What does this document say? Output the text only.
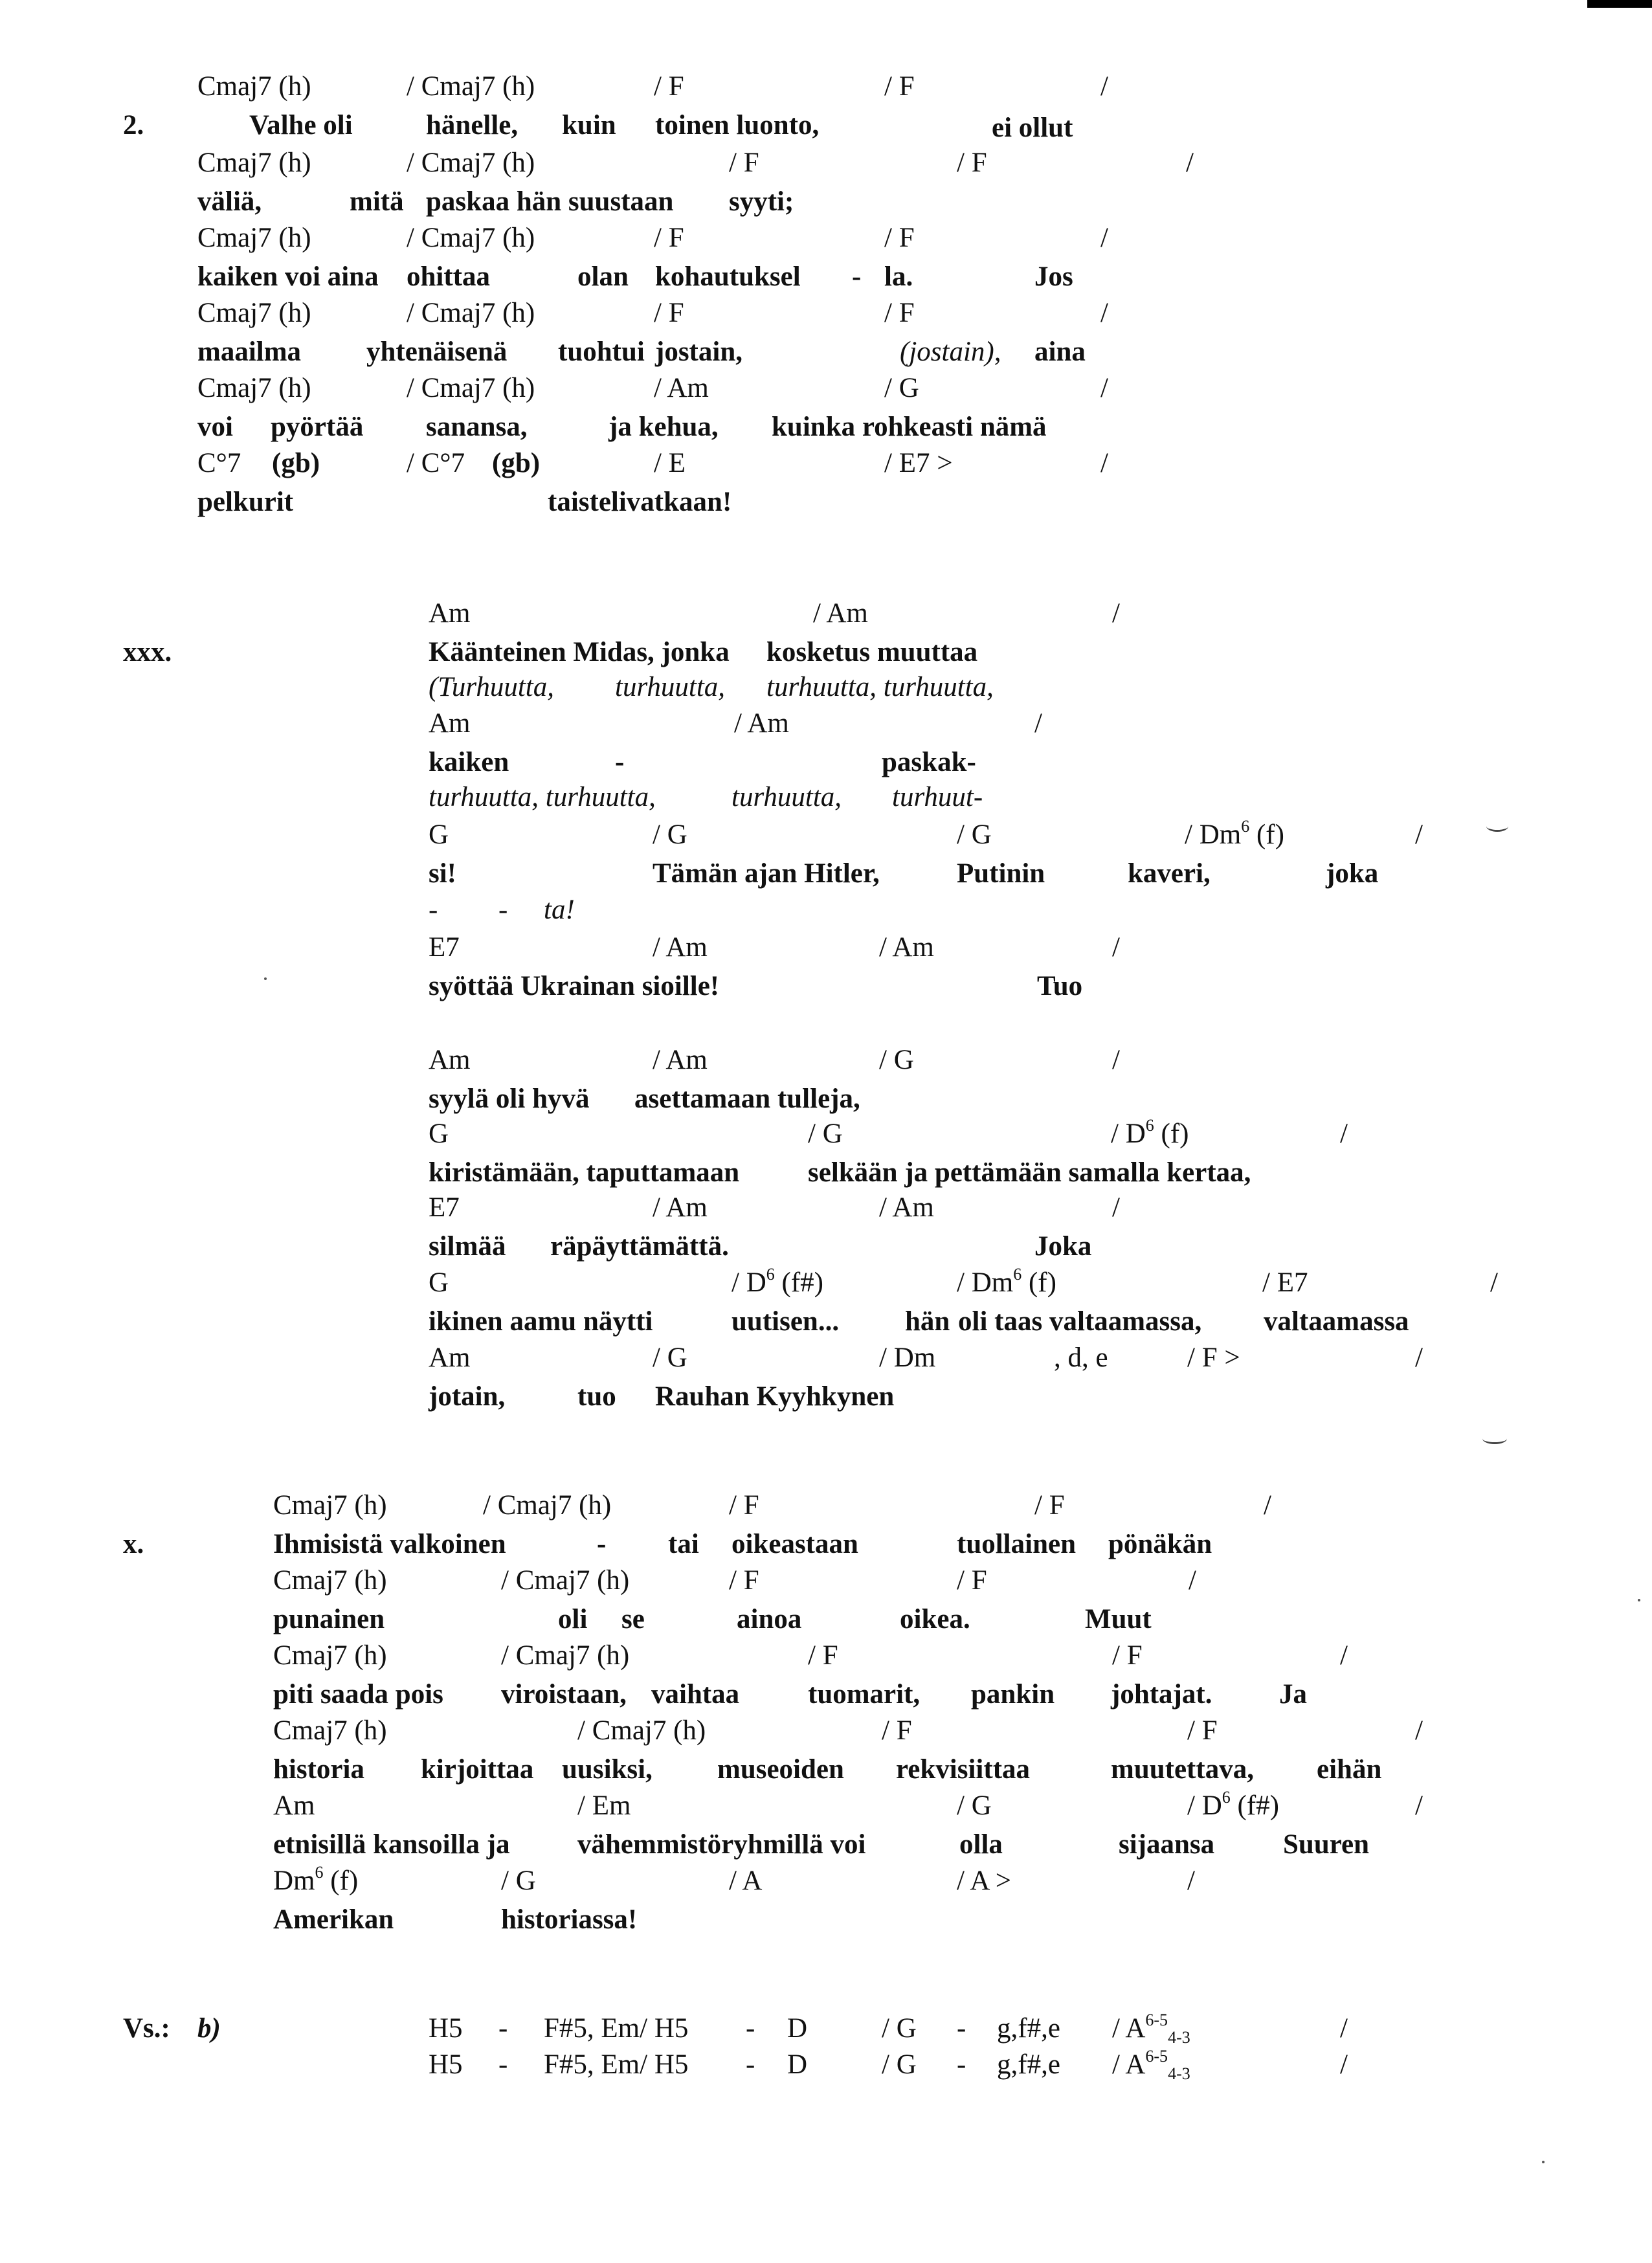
2.
Cmaj7 (h)	/ Cmaj7 (h)	/ F	/ F	/
Valhe oli	hänelle, kuin toinen luonto,	ei ollut
Cmaj7 (h)	/ Cmaj7 (h)	/ F	/ F	/
väliä,	mitä paskaa hän suustaan syyti;
Cmaj7 (h)	/ Cmaj7 (h)	/ F	/ F	/
kaiken voi aina ohittaa	olan kohautuksel - la.	Jos
Cmaj7 (h)	/ Cmaj7 (h)	/ F	/ F	/
maailma yhtenäisenä tuohtui jostain,	(jostain), aina
Cmaj7 (h)	/ Cmaj7 (h)	/ Am	/ G	/
voi pyörtää sanansa,	ja kehua, kuinka rohkeasti nämä
C°7 (gb)	/ C°7 (gb)	/ E	/ E7 >	/
pelkurit	taistelivatkaan!
xxx.
Am	/ Am	/
Käänteinen Midas, jonka kosketus muuttaa
(Turhuutta, turhuutta, turhuutta, turhuutta,
Am	/ Am	/
kaiken	-	paskak-
turhuutta, turhuutta,	turhuutta, turhuut-
G	/ G	/ G	/ Dm$^6$ (f)	/
si!	Tämän ajan Hitler,	Putinin	kaveri,	joka
- - ta!
E7	/ Am	/ Am	/
syöttää Ukrainan sioille!	Tuo
Am	/ Am	/ G	/
syylä oli hyvä asettamaan tulleja,
G	/ G	/ $D^6$ (f)	/
kiristämään, taputtamaan selkään ja pettämään samalla kertaa,
E7	/ Am	/ Am	/
silmää räpäyttämättä.	Joka
G	/ $D^6$ (f#)	/ Dm$^6$ (f)	/ E7	/
ikinen aamu näytti	uutisen... hän oli taas valtaamassa, valtaamassa
Am	/ G	/ Dm	, d, e	/ F >	/
jotain,	tuo Rauhan Kyyhkynen
x.
Cmaj7 (h)	/ Cmaj7 (h)	/ F	/ F	/
Ihmisistä valkoinen	- tai oikeastaan	tuollainen pönäkän
Cmaj7 (h)	/ Cmaj7 (h)	/ F	/ F	/
punainen	oli se	ainoa	oikea.	Muut
Cmaj7 (h)	/ Cmaj7 (h)	/ F	/ F	/
piti saada pois viroistaan, vaihtaa tuomarit, pankin johtajat. Ja
Cmaj7 (h)	/ Cmaj7 (h)	/ F	/ F	/
historia kirjoittaa uusiksi, museoiden rekvisiittaa	muutettava, eihän
Am	/ Em	/ G	/ $D^6$ (f#)	/
etnisillä kansoilla ja vähemmistöryhmillä voi	olla	sijaansa Suuren
Dm$^6$ (f)	/ G	/ A	/ A >	/
Amerikan	historiassa!
Vs.: b)	H5 - F#5, Em/ H5 - D	/ G - g,f#,e / $A^{6-5}_{4-3}$	/
H5 - F#5, Em/ H5 - D	/ G - g,f#,e / $A^{6-5}_{4-3}$	/
